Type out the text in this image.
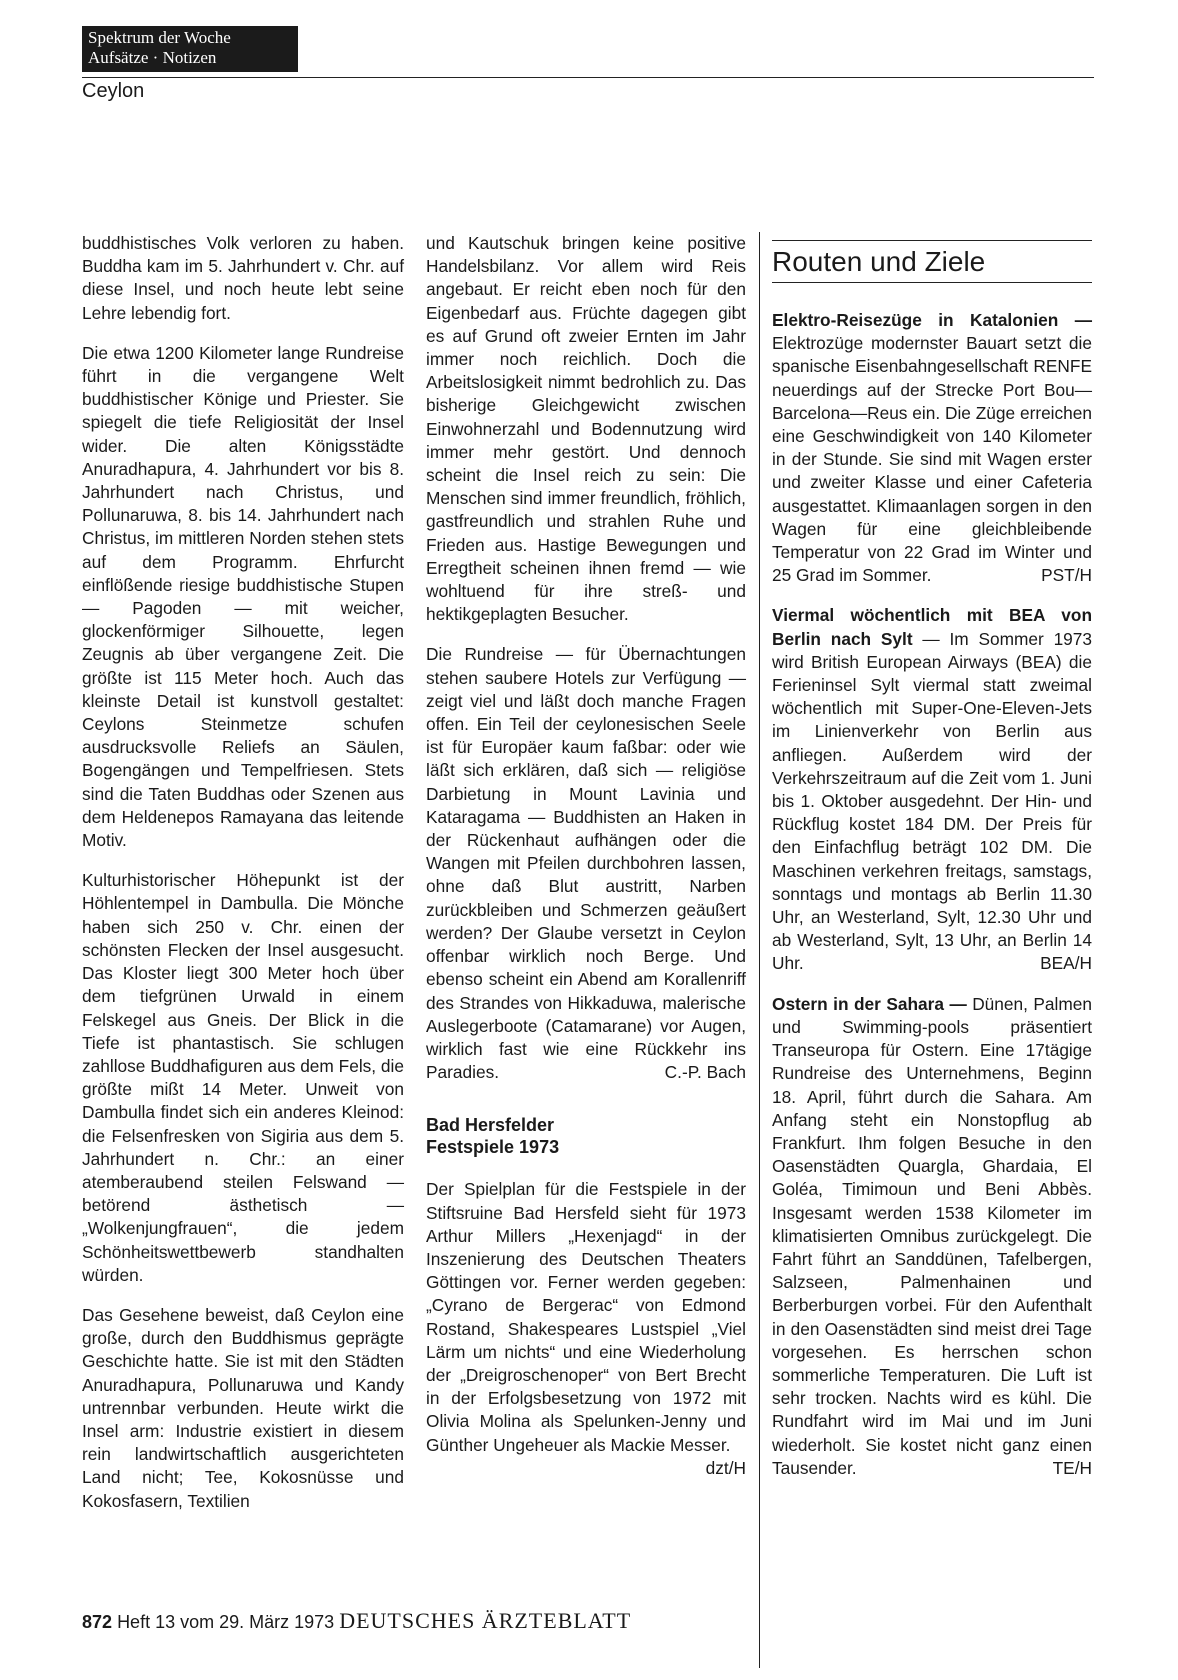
Spektrum der Woche
Aufsätze · Notizen
Ceylon

buddhistisches Volk verloren zu haben. Buddha kam im 5. Jahrhundert v. Chr. auf diese Insel, und noch heute lebt seine Lehre lebendig fort.

Die etwa 1200 Kilometer lange Rundreise führt in die vergangene Welt buddhistischer Könige und Priester. Sie spiegelt die tiefe Religiosität der Insel wider. Die alten Königsstädte Anuradhapura, 4. Jahrhundert vor bis 8. Jahrhundert nach Christus, und Pollunaruwa, 8. bis 14. Jahrhundert nach Christus, im mittleren Norden stehen stets auf dem Programm. Ehrfurcht einflößende riesige buddhistische Stupen — Pagoden — mit weicher, glockenförmiger Silhouette, legen Zeugnis ab über vergangene Zeit. Die größte ist 115 Meter hoch. Auch das kleinste Detail ist kunstvoll gestaltet: Ceylons Steinmetze schufen ausdrucksvolle Reliefs an Säulen, Bogengängen und Tempelfriesen. Stets sind die Taten Buddhas oder Szenen aus dem Heldenepos Ramayana das leitende Motiv.

Kulturhistorischer Höhepunkt ist der Höhlentempel in Dambulla. Die Mönche haben sich 250 v. Chr. einen der schönsten Flecken der Insel ausgesucht. Das Kloster liegt 300 Meter hoch über dem tiefgrünen Urwald in einem Felskegel aus Gneis. Der Blick in die Tiefe ist phantastisch. Sie schlugen zahllose Buddhafiguren aus dem Fels, die größte mißt 14 Meter. Unweit von Dambulla findet sich ein anderes Kleinod: die Felsenfresken von Sigiria aus dem 5. Jahrhundert n. Chr.: an einer atemberaubend steilen Felswand — betörend ästhetisch — „Wolkenjungfrauen“, die jedem Schönheitswettbewerb standhalten würden.

Das Gesehene beweist, daß Ceylon eine große, durch den Buddhismus geprägte Geschichte hatte. Sie ist mit den Städten Anuradhapura, Pollunaruwa und Kandy untrennbar verbunden. Heute wirkt die Insel arm: Industrie existiert in diesem rein landwirtschaftlich ausgerichteten Land nicht; Tee, Kokosnüsse und Kokosfasern, Textilien

und Kautschuk bringen keine positive Handelsbilanz. Vor allem wird Reis angebaut. Er reicht eben noch für den Eigenbedarf aus. Früchte dagegen gibt es auf Grund oft zweier Ernten im Jahr immer noch reichlich. Doch die Arbeitslosigkeit nimmt bedrohlich zu. Das bisherige Gleichgewicht zwischen Einwohnerzahl und Bodennutzung wird immer mehr gestört. Und dennoch scheint die Insel reich zu sein: Die Menschen sind immer freundlich, fröhlich, gastfreundlich und strahlen Ruhe und Frieden aus. Hastige Bewegungen und Erregtheit scheinen ihnen fremd — wie wohltuend für ihre streß- und hektikgeplagten Besucher.

Die Rundreise — für Übernachtungen stehen saubere Hotels zur Verfügung — zeigt viel und läßt doch manche Fragen offen. Ein Teil der ceylonesischen Seele ist für Europäer kaum faßbar: oder wie läßt sich erklären, daß sich — religiöse Darbietung in Mount Lavinia und Kataragama — Buddhisten an Haken in der Rückenhaut aufhängen oder die Wangen mit Pfeilen durchbohren lassen, ohne daß Blut austritt, Narben zurückbleiben und Schmerzen geäußert werden? Der Glaube versetzt in Ceylon offenbar wirklich noch Berge. Und ebenso scheint ein Abend am Korallenriff des Strandes von Hikkaduwa, malerische Auslegerboote (Catamarane) vor Augen, wirklich fast wie eine Rückkehr ins Paradies.	C.-P. Bach

Bad Hersfelder
Festspiele 1973

Der Spielplan für die Festspiele in der Stiftsruine Bad Hersfeld sieht für 1973 Arthur Millers „Hexenjagd“ in der Inszenierung des Deutschen Theaters Göttingen vor. Ferner werden gegeben: „Cyrano de Bergerac“ von Edmond Rostand, Shakespeares Lustspiel „Viel Lärm um nichts“ und eine Wiederholung der „Dreigroschenoper“ von Bert Brecht in der Erfolgsbesetzung von 1972 mit Olivia Molina als Spelunken-Jenny und Günther Ungeheuer als Mackie Messer.
dzt/H

Routen und Ziele

Elektro-Reisezüge in Katalonien — Elektrozüge modernster Bauart setzt die spanische Eisenbahngesellschaft RENFE neuerdings auf der Strecke Port Bou—Barcelona—Reus ein. Die Züge erreichen eine Geschwindigkeit von 140 Kilometer in der Stunde. Sie sind mit Wagen erster und zweiter Klasse und einer Cafeteria ausgestattet. Klimaanlagen sorgen in den Wagen für eine gleichbleibende Temperatur von 22 Grad im Winter und 25 Grad im Sommer.	PST/H

Viermal wöchentlich mit BEA von Berlin nach Sylt — Im Sommer 1973 wird British European Airways (BEA) die Ferieninsel Sylt viermal statt zweimal wöchentlich mit Super-One-Eleven-Jets im Linienverkehr von Berlin aus anfliegen. Außerdem wird der Verkehrszeitraum auf die Zeit vom 1. Juni bis 1. Oktober ausgedehnt. Der Hin- und Rückflug kostet 184 DM. Der Preis für den Einfachflug beträgt 102 DM. Die Maschinen verkehren freitags, samstags, sonntags und montags ab Berlin 11.30 Uhr, an Westerland, Sylt, 12.30 Uhr und ab Westerland, Sylt, 13 Uhr, an Berlin 14 Uhr.	BEA/H

Ostern in der Sahara — Dünen, Palmen und Swimming-pools präsentiert Transeuropa für Ostern. Eine 17tägige Rundreise des Unternehmens, Beginn 18. April, führt durch die Sahara. Am Anfang steht ein Nonstopflug ab Frankfurt. Ihm folgen Besuche in den Oasenstädten Quargla, Ghardaia, El Goléa, Timimoun und Beni Abbès. Insgesamt werden 1538 Kilometer im klimatisierten Omnibus zurückgelegt. Die Fahrt führt an Sanddünen, Tafelbergen, Salzseen, Palmenhainen und Berberburgen vorbei. Für den Aufenthalt in den Oasenstädten sind meist drei Tage vorgesehen. Es herrschen schon sommerliche Temperaturen. Die Luft ist sehr trocken. Nachts wird es kühl. Die Rundfahrt wird im Mai und im Juni wiederholt. Sie kostet nicht ganz einen Tausender.	TE/H

872 Heft 13 vom 29. März 1973 DEUTSCHES ÄRZTEBLATT
